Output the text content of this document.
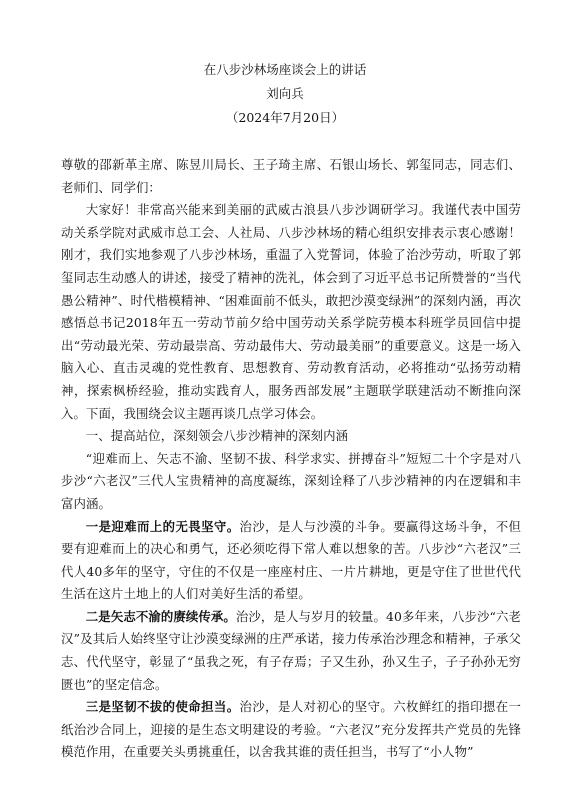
在八步沙林场座谈会上的讲话
刘向兵
（2024年7月20日）

尊敬的邵新革主席、陈昱川局长、王子琦主席、石银山场长、郭玺同志，同志们、老师们、同学们：

大家好！非常高兴能来到美丽的武威古浪县八步沙调研学习。我谨代表中国劳动关系学院对武威市总工会、人社局、八步沙林场的精心组织安排表示衷心感谢！刚才，我们实地参观了八步沙林场，重温了入党誓词，体验了治沙劳动，听取了郭玺同志生动感人的讲述，接受了精神的洗礼，体会到了习近平总书记所赞誉的“当代愚公精神”、时代楷模精神、“困难面前不低头，敢把沙漠变绿洲”的深刻内涵，再次感悟总书记2018年五一劳动节前夕给中国劳动关系学院劳模本科班学员回信中提出“劳动最光荣、劳动最崇高、劳动最伟大、劳动最美丽”的重要意义。这是一场入脑入心、直击灵魂的党性教育、思想教育、劳动教育活动，必将推动“弘扬劳动精神，探索枫桥经验，推动实践育人，服务西部发展”主题联学联建活动不断推向深入。下面，我围绕会议主题再谈几点学习体会。

一、提高站位，深刻领会八步沙精神的深刻内涵

“迎难而上、矢志不渝、坚韧不拔、科学求实、拼搏奋斗”短短二十个字是对八步沙“六老汉”三代人宝贵精神的高度凝练，深刻诠释了八步沙精神的内在逻辑和丰富内涵。

一是迎难而上的无畏坚守。治沙，是人与沙漠的斗争。要赢得这场斗争，不但要有迎难而上的决心和勇气，还必须吃得下常人难以想象的苦。八步沙“六老汉”三代人40多年的坚守，守住的不仅是一座座村庄、一片片耕地，更是守住了世世代代生活在这片土地上的人们对美好生活的希望。

二是矢志不渝的赓续传承。治沙，是人与岁月的较量。40多年来，八步沙“六老汉”及其后人始终坚守让沙漠变绿洲的庄严承诺，接力传承治沙理念和精神，子承父志、代代坚守，彰显了“虽我之死，有子存焉；子又生孙，孙又生子，子子孙孙无穷匮也”的坚定信念。

三是坚韧不拔的使命担当。治沙，是人对初心的坚守。六枚鲜红的指印摁在一纸治沙合同上，迎接的是生态文明建设的考验。“六老汉”充分发挥共产党员的先锋模范作用，在重要关头勇挑重任，以舍我其谁的责任担当，书写了“小人物”
